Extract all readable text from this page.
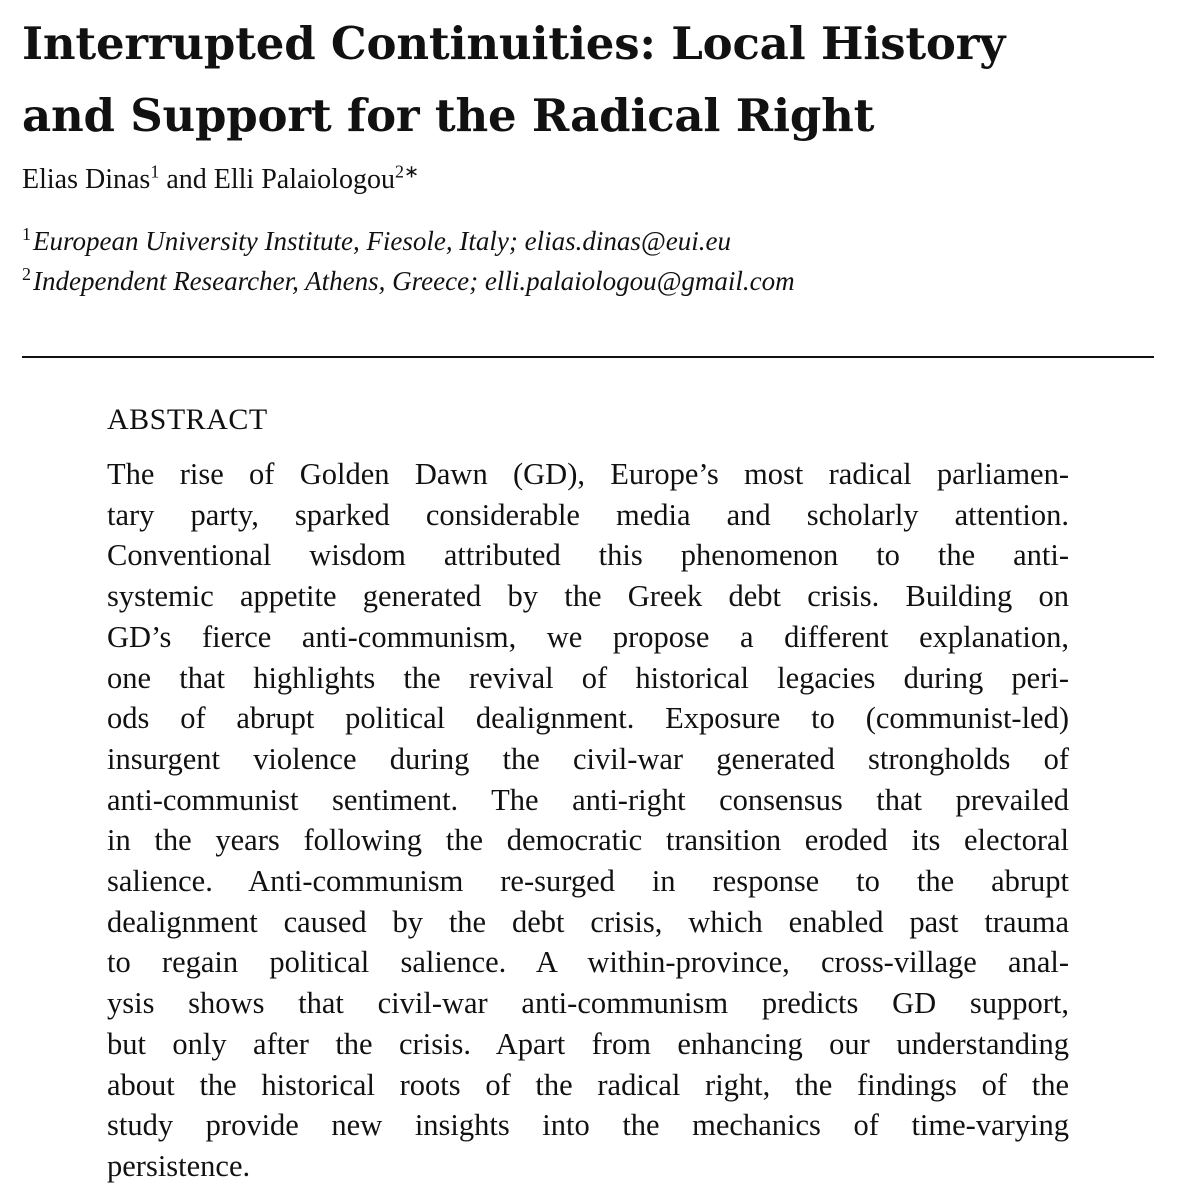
Interrupted Continuities: Local History
and Support for the Radical Right
Elias Dinas$^1$ and Elli Palaiologou$^{2∗}$
$^1$European University Institute, Fiesole, Italy; elias.dinas@eui.eu
$^2$Independent Researcher, Athens, Greece; elli.palaiologou@gmail.com
ABSTRACT
The rise of Golden Dawn (GD), Europe’s most radical parliamen-
tary party, sparked considerable media and scholarly attention.
Conventional wisdom attributed this phenomenon to the anti-
systemic appetite generated by the Greek debt crisis. Building on
GD’s fierce anti-communism, we propose a different explanation,
one that highlights the revival of historical legacies during peri-
ods of abrupt political dealignment. Exposure to (communist-led)
insurgent violence during the civil-war generated strongholds of
anti-communist sentiment. The anti-right consensus that prevailed
in the years following the democratic transition eroded its electoral
salience. Anti-communism re-surged in response to the abrupt
dealignment caused by the debt crisis, which enabled past trauma
to regain political salience. A within-province, cross-village anal-
ysis shows that civil-war anti-communism predicts GD support,
but only after the crisis. Apart from enhancing our understanding
about the historical roots of the radical right, the findings of the
study provide new insights into the mechanics of time-varying
persistence.
